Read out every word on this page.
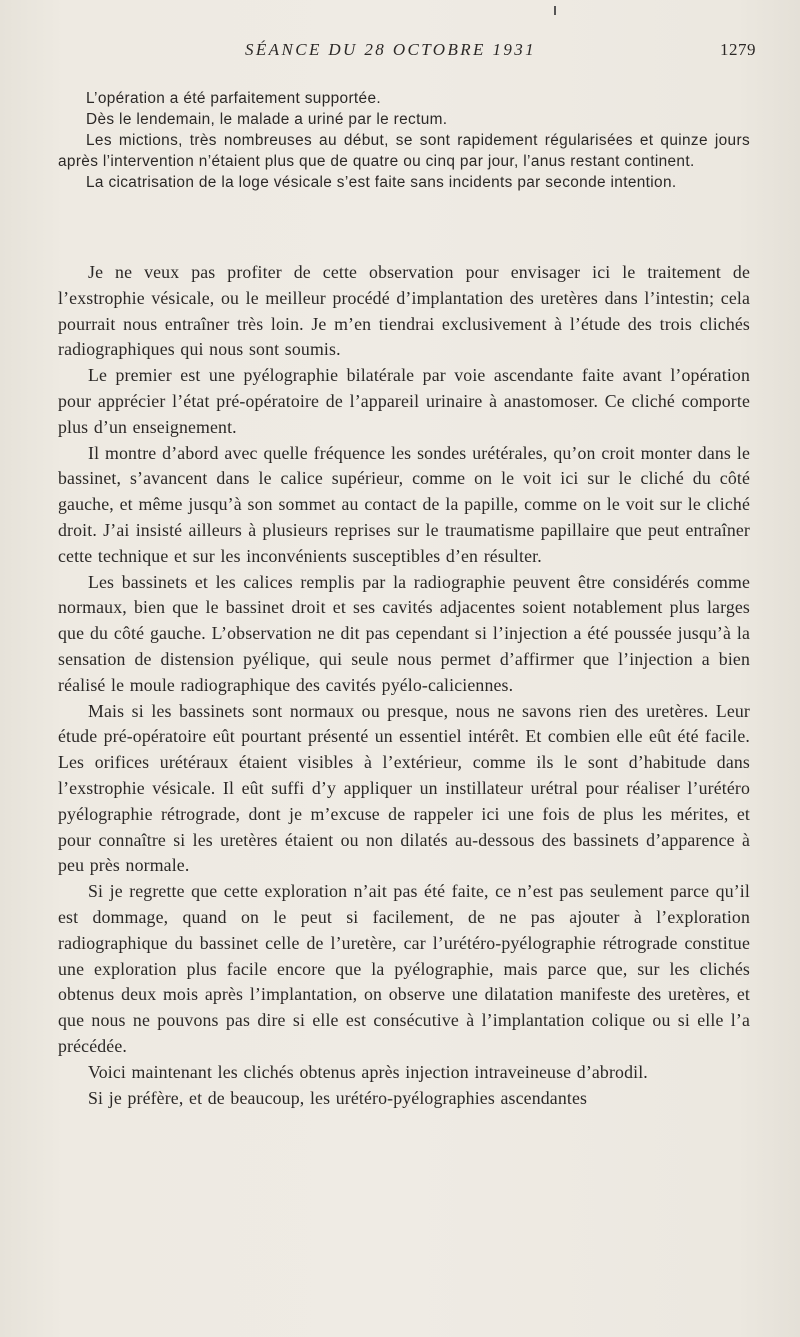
SÉANCE DU 28 OCTOBRE 1931	1279

L’opération a été parfaitement supportée.

Dès le lendemain, le malade a uriné par le rectum.

Les mictions, très nombreuses au début, se sont rapidement régularisées et quinze jours après l’intervention n’étaient plus que de quatre ou cinq par jour, l’anus restant continent.

La cicatrisation de la loge vésicale s’est faite sans incidents par seconde intention.

Je ne veux pas profiter de cette observation pour envisager ici le traitement de l’exstrophie vésicale, ou le meilleur procédé d’implantation des uretères dans l’intestin; cela pourrait nous entraîner très loin. Je m’en tiendrai exclusivement à l’étude des trois clichés radiographiques qui nous sont soumis.

Le premier est une pyélographie bilatérale par voie ascendante faite avant l’opération pour apprécier l’état pré-opératoire de l’appareil urinaire à anastomoser. Ce cliché comporte plus d’un enseignement.

Il montre d’abord avec quelle fréquence les sondes urétérales, qu’on croit monter dans le bassinet, s’avancent dans le calice supérieur, comme on le voit ici sur le cliché du côté gauche, et même jusqu’à son sommet au contact de la papille, comme on le voit sur le cliché droit. J’ai insisté ailleurs à plusieurs reprises sur le traumatisme papillaire que peut entraîner cette technique et sur les inconvénients susceptibles d’en résulter.

Les bassinets et les calices remplis par la radiographie peuvent être considérés comme normaux, bien que le bassinet droit et ses cavités adjacentes soient notablement plus larges que du côté gauche. L’observation ne dit pas cependant si l’injection a été poussée jusqu’à la sensation de distension pyélique, qui seule nous permet d’affirmer que l’injection a bien réalisé le moule radiographique des cavités pyélo-caliciennes.

Mais si les bassinets sont normaux ou presque, nous ne savons rien des uretères. Leur étude pré-opératoire eût pourtant présenté un essentiel intérêt. Et combien elle eût été facile. Les orifices urétéraux étaient visibles à l’extérieur, comme ils le sont d’habitude dans l’exstrophie vésicale. Il eût suffi d’y appliquer un instillateur urétral pour réaliser l’urétéro pyélographie rétrograde, dont je m’excuse de rappeler ici une fois de plus les mérites, et pour connaître si les uretères étaient ou non dilatés au-dessous des bassinets d’apparence à peu près normale.

Si je regrette que cette exploration n’ait pas été faite, ce n’est pas seulement parce qu’il est dommage, quand on le peut si facilement, de ne pas ajouter à l’exploration radiographique du bassinet celle de l’uretère, car l’urétéro-pyélographie rétrograde constitue une exploration plus facile encore que la pyélographie, mais parce que, sur les clichés obtenus deux mois après l’implantation, on observe une dilatation manifeste des uretères, et que nous ne pouvons pas dire si elle est consécutive à l’implantation colique ou si elle l’a précédée.

Voici maintenant les clichés obtenus après injection intraveineuse d’abrodil.

Si je préfère, et de beaucoup, les urétéro-pyélographies ascendantes
